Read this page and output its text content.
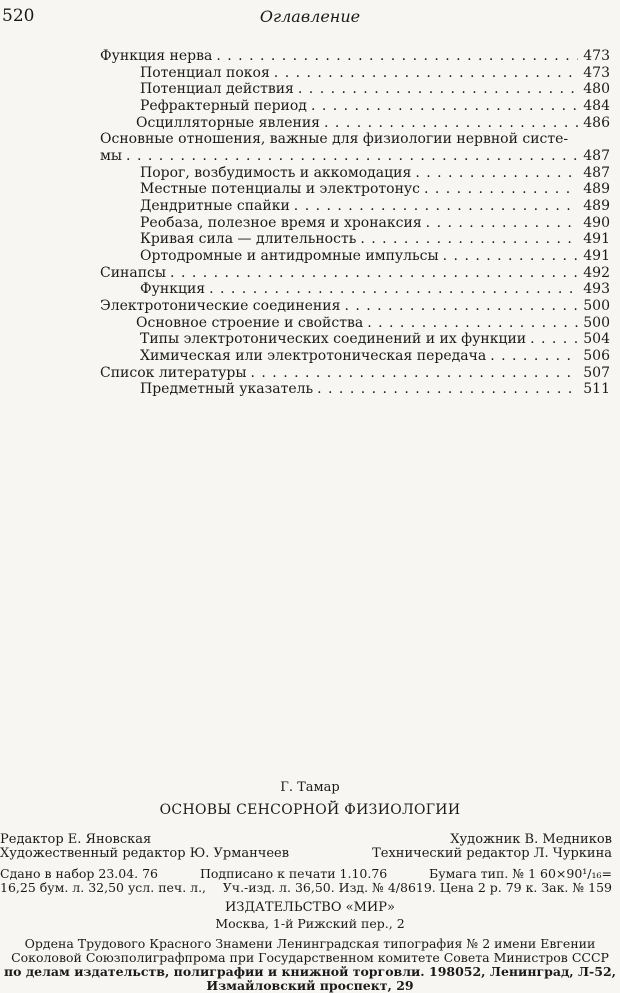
520	Оглавление
Функция нерва . . .	473
Потенциал покоя . . .	473
Потенциал действия . . .	480
Рефрактерный период . . .	484
Осцилляторные явления . . .	486
Основные отношения, важные для физиологии нервной систе-
мы . . .	487
Порог, возбудимость и аккомодация . . .	487
Местные потенциалы и электротонус . . .	489
Дендритные спайки . . .	489
Реобаза, полезное время и хронаксия . . .	490
Кривая сила — длительность . . .	491
Ортодромные и антидромные импульсы . . .	491
Синапсы . . .	492
Функция . . .	493
Электротонические соединения . . .	500
Основное строение и свойства . . .	500
Типы электротонических соединений и их функции . . .	504
Химическая или электротоническая передача . . .	506
Список литературы . . .	507
Предметный указатель . . .	511
Г. Тамар
ОСНОВЫ СЕНСОРНОЙ ФИЗИОЛОГИИ
Редактор Е. Яновская	Художник В. Медников
Художественный редактор Ю. Урманчеев	Технический редактор Л. Чуркина
Сдано в набор 23.04. 76	Подписано к печати 1.10.76	Бумага тип. № 1 60×90¹/₁₆=
16,25 бум. л. 32,50 усл. печ. л., Уч.-изд. л. 36,50. Изд. № 4/8619. Цена 2 р. 79 к. Зак. № 159
ИЗДАТЕЛЬСТВО «МИР»
Москва, 1-й Рижский пер., 2
Ордена Трудового Красного Знамени Ленинградская типография № 2 имени Евгении
Соколовой Союзполиграфпрома при Государственном комитете Совета Министров СССР
по делам издательств, полиграфии и книжной торговли. 198052, Ленинград, Л-52,
Измайловский проспект, 29
